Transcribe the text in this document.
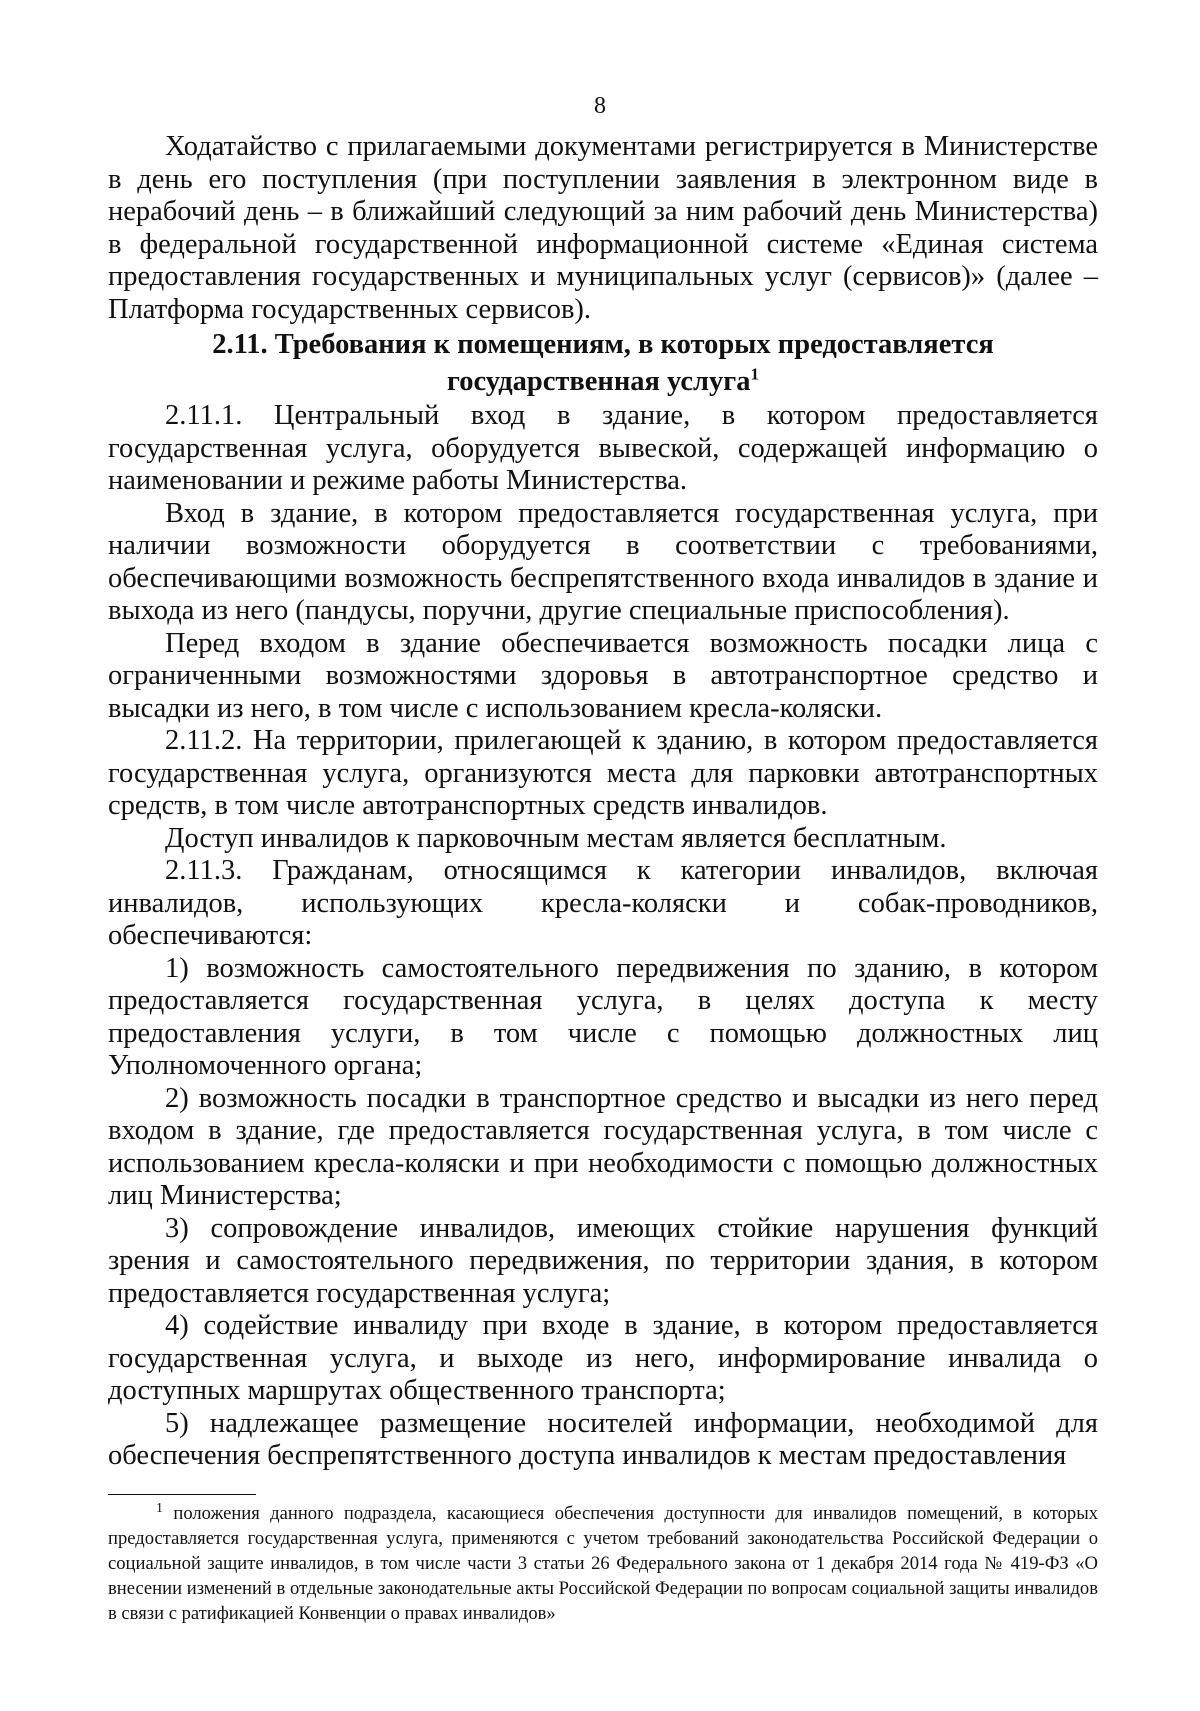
8

Ходатайство с прилагаемыми документами регистрируется в Министерстве в день его поступления (при поступлении заявления в электронном виде в нерабочий день – в ближайший следующий за ним рабочий день Министерства) в федеральной государственной информационной системе «Единая система предоставления государственных и муниципальных услуг (сервисов)» (далее – Платформа государственных сервисов).

2.11. Требования к помещениям, в которых предоставляется
государственная услуга$^1$

2.11.1. Центральный вход в здание, в котором предоставляется государственная услуга, оборудуется вывеской, содержащей информацию о наименовании и режиме работы Министерства.

Вход в здание, в котором предоставляется государственная услуга, при наличии возможности оборудуется в соответствии с требованиями, обеспечивающими возможность беспрепятственного входа инвалидов в здание и выхода из него (пандусы, поручни, другие специальные приспособления).

Перед входом в здание обеспечивается возможность посадки лица с ограниченными возможностями здоровья в автотранспортное средство и высадки из него, в том числе с использованием кресла-коляски.

2.11.2. На территории, прилегающей к зданию, в котором предоставляется государственная услуга, организуются места для парковки автотранспортных средств, в том числе автотранспортных средств инвалидов.

Доступ инвалидов к парковочным местам является бесплатным.

2.11.3. Гражданам, относящимся к категории инвалидов, включая инвалидов, использующих кресла-коляски и собак-проводников, обеспечиваются:

1) возможность самостоятельного передвижения по зданию, в котором предоставляется государственная услуга, в целях доступа к месту предоставления услуги, в том числе с помощью должностных лиц Уполномоченного органа;

2) возможность посадки в транспортное средство и высадки из него перед входом в здание, где предоставляется государственная услуга, в том числе с использованием кресла-коляски и при необходимости с помощью должностных лиц Министерства;

3) сопровождение инвалидов, имеющих стойкие нарушения функций зрения и самостоятельного передвижения, по территории здания, в котором предоставляется государственная услуга;

4) содействие инвалиду при входе в здание, в котором предоставляется государственная услуга, и выходе из него, информирование инвалида о доступных маршрутах общественного транспорта;

5) надлежащее размещение носителей информации, необходимой для обеспечения беспрепятственного доступа инвалидов к местам предоставления

$^1$ положения данного подраздела, касающиеся обеспечения доступности для инвалидов помещений, в которых предоставляется государственная услуга, применяются с учетом требований законодательства Российской Федерации о социальной защите инвалидов, в том числе части 3 статьи 26 Федерального закона от 1 декабря 2014 года № 419-ФЗ «О внесении изменений в отдельные законодательные акты Российской Федерации по вопросам социальной защиты инвалидов в связи с ратификацией Конвенции о правах инвалидов»
